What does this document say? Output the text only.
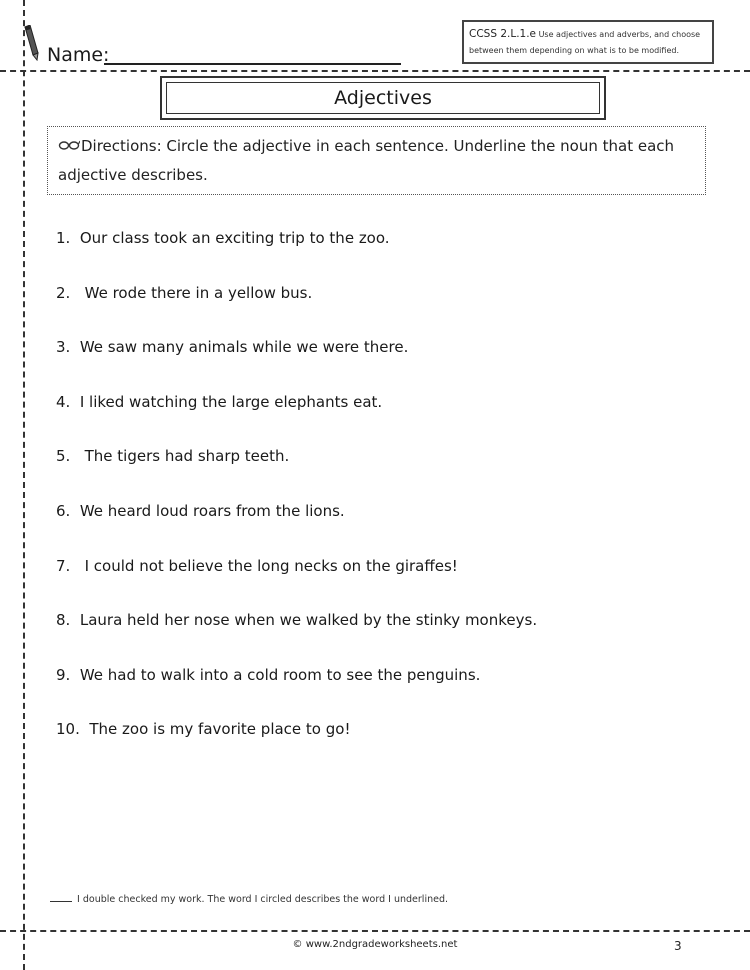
Name:
CCSS 2.L.1.e Use adjectives and adverbs, and choose between them depending on what is to be modified.
Adjectives
Directions: Circle the adjective in each sentence. Underline the noun that each adjective describes.
1.  Our class took an exciting trip to the zoo.
2.   We rode there in a yellow bus.
3.  We saw many animals while we were there.
4.  I liked watching the large elephants eat.
5.   The tigers had sharp teeth.
6.  We heard loud roars from the lions.
7.   I could not believe the long necks on the giraffes!
8.  Laura held her nose when we walked by the stinky monkeys.
9.  We had to walk into a cold room to see the penguins.
10.  The zoo is my favorite place to go!
I double checked my work. The word I circled describes the word I underlined.
© www.2ndgradeworksheets.net	3
